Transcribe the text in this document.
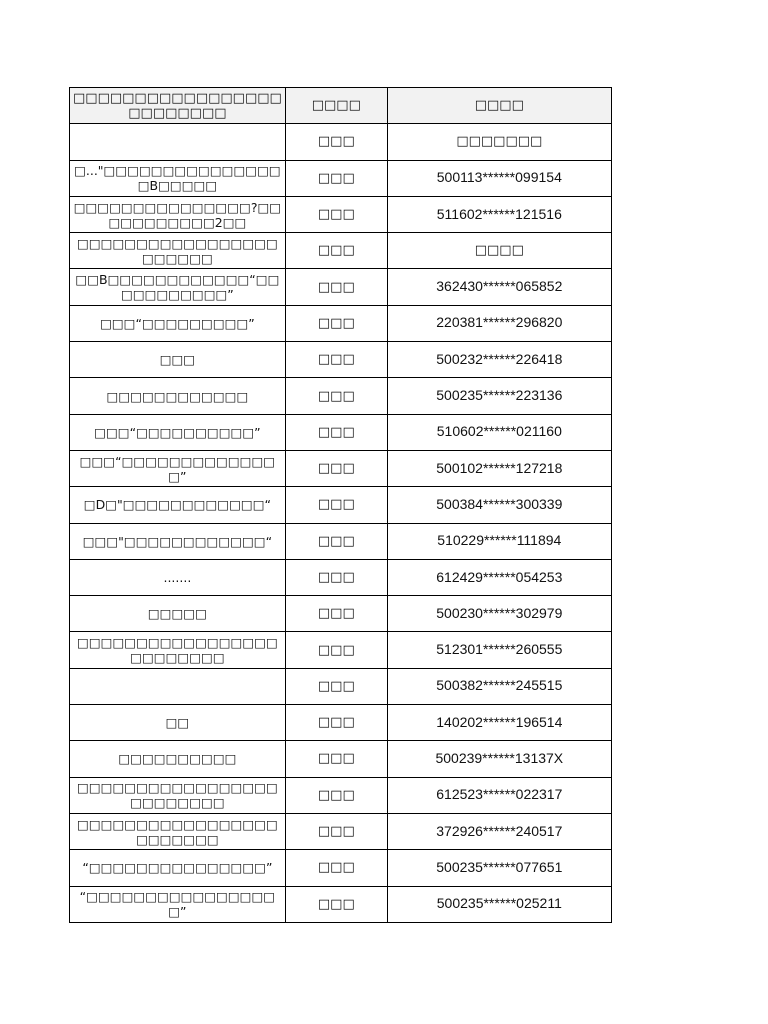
□□□□□□□□□□□□□□□□□ □□□□□□□□	□□□□	□□□□

	□□□	□□□□□□□

□..."□□□□□□□□□□□□□□□□B□□□□□	□□□	500113******099154

□□□□□□□□□□□□□□□?□□□□□□□□□□□2□□	□□□	511602******121516

□□□□□□□□□□□□□□□□□□□□□□□	□□□	□□□□

□□B□□□□□□□□□□□□“□□□□□□□□□□□”	□□□	362430******065852

□□□“□□□□□□□□□”	□□□	220381******296820

□□□	□□□	500232******226418

□□□□□□□□□□□□	□□□	500235******223136

□□□“□□□□□□□□□□”	□□□	510602******021160

□□□“□□□□□□□□□□□□□□”	□□□	500102******127218

□D□"□□□□□□□□□□□□“	□□□	500384******300339

□□□"□□□□□□□□□□□□“	□□□	510229******111894

.......	□□□	612429******054253

□□□□□	□□□	500230******302979

□□□□□□□□□□□□□□□□□□□□□□□□□	□□□	512301******260555

	□□□	500382******245515

□□	□□□	140202******196514

□□□□□□□□□□	□□□	500239******13137X

□□□□□□□□□□□□□□□□□□□□□□□□□	□□□	612523******022317

□□□□□□□□□□□□□□□□□□□□□□□□	□□□	372926******240517

“□□□□□□□□□□□□□□□”	□□□	500235******077651

“□□□□□□□□□□□□□□□□□”	□□□	500235******025211
